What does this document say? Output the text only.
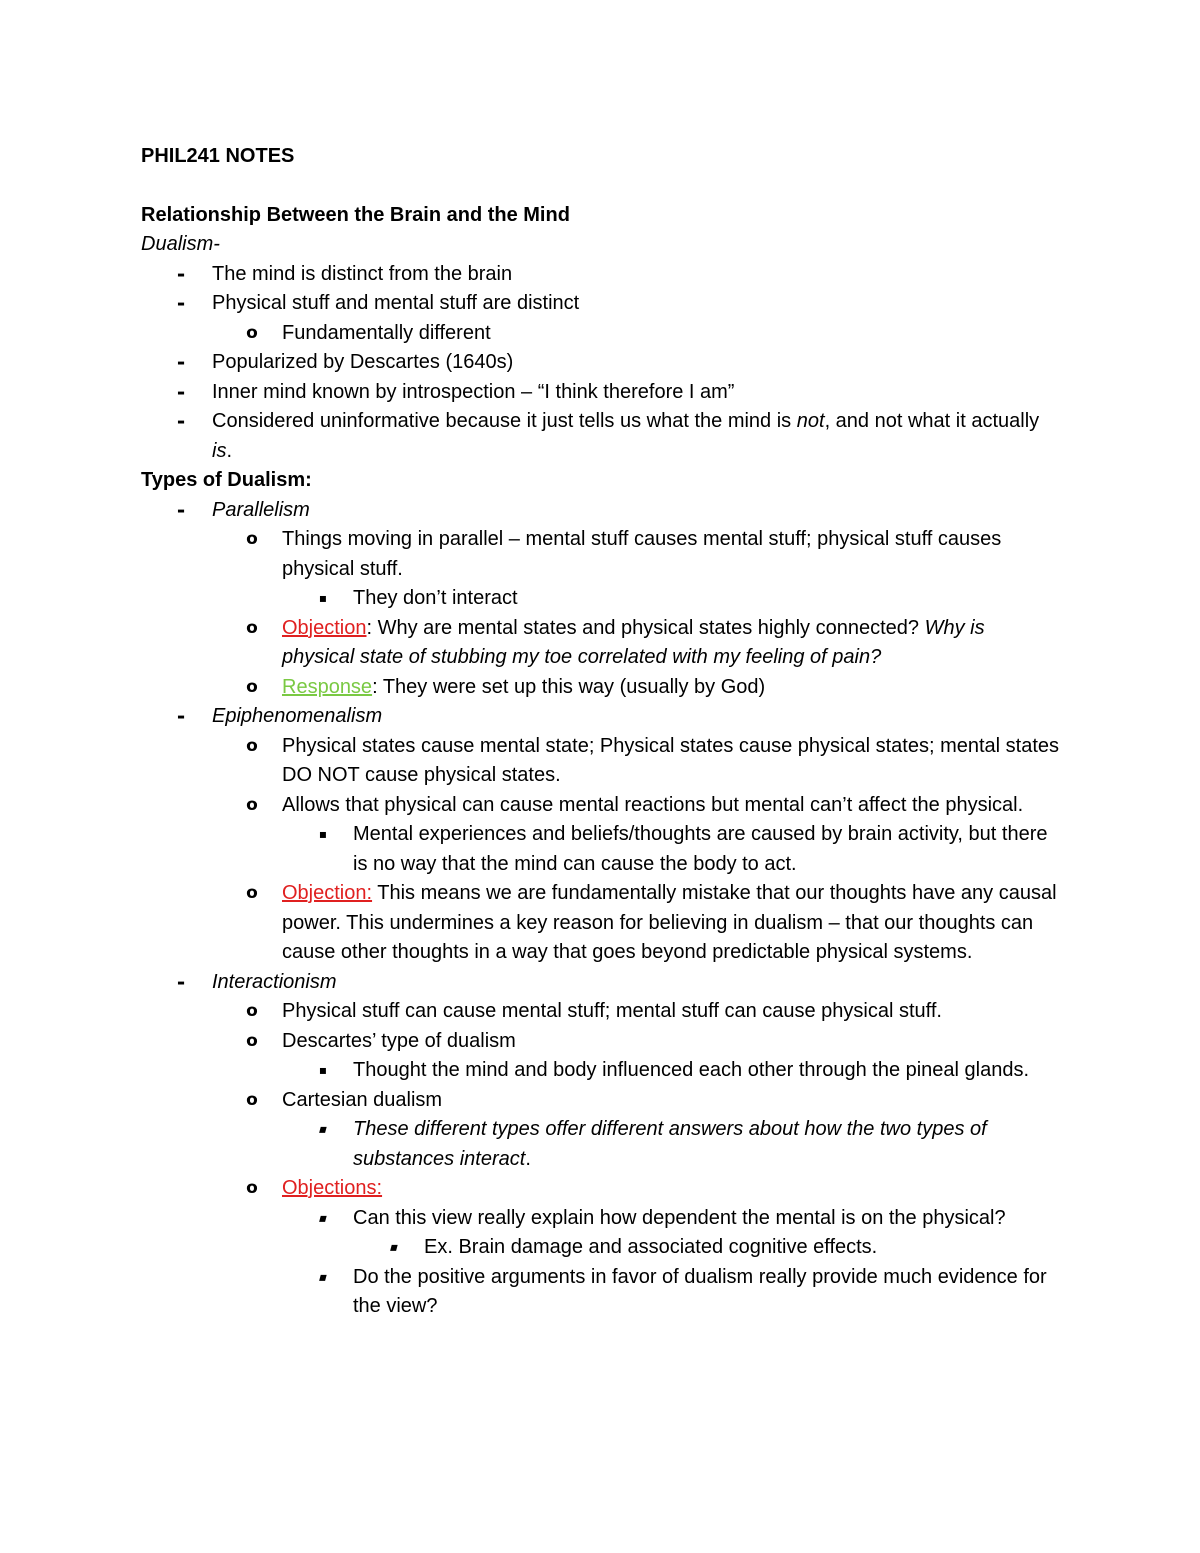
PHIL241 NOTES
Relationship Between the Brain and the Mind
Dualism-
- The mind is distinct from the brain
- Physical stuff and mental stuff are distinct
o Fundamentally different
- Popularized by Descartes (1640s)
- Inner mind known by introspection – “I think therefore I am”
- Considered uninformative because it just tells us what the mind is not, and not what it actually is.
Types of Dualism:
- Parallelism
o Things moving in parallel – mental stuff causes mental stuff; physical stuff causes physical stuff.
▪ They don’t interact
o Objection: Why are mental states and physical states highly connected? Why is physical state of stubbing my toe correlated with my feeling of pain?
o Response: They were set up this way (usually by God)
- Epiphenomenalism
o Physical states cause mental state; Physical states cause physical states; mental states DO NOT cause physical states.
o Allows that physical can cause mental reactions but mental can’t affect the physical.
▪ Mental experiences and beliefs/thoughts are caused by brain activity, but there is no way that the mind can cause the body to act.
o Objection: This means we are fundamentally mistake that our thoughts have any causal power. This undermines a key reason for believing in dualism – that our thoughts can cause other thoughts in a way that goes beyond predictable physical systems.
- Interactionism
o Physical stuff can cause mental stuff; mental stuff can cause physical stuff.
o Descartes’ type of dualism
▪ Thought the mind and body influenced each other through the pineal glands.
o Cartesian dualism
▪	These different types offer different answers about how the two types of substances interact.
o Objections:
▪	Can this view really explain how dependent the mental is on the physical?
▪	Ex. Brain damage and associated cognitive effects.
▪	Do the positive arguments in favor of dualism really provide much evidence for the view?
